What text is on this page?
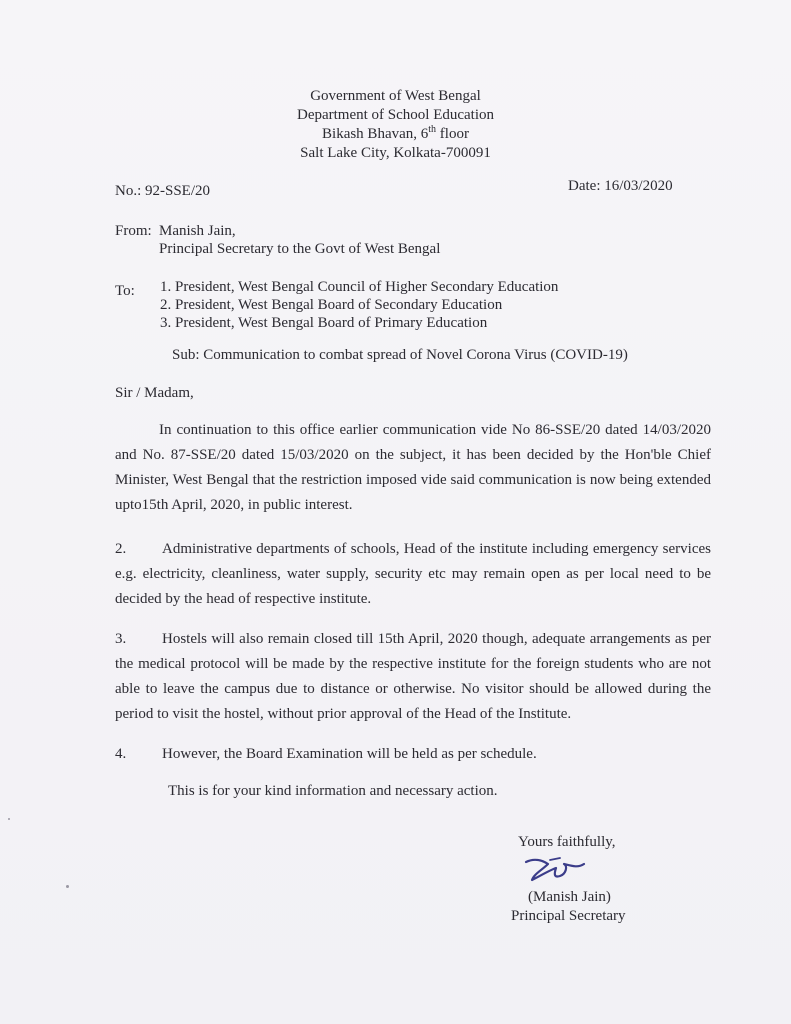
Government of West Bengal
Department of School Education
Bikash Bhavan, 6th floor
Salt Lake City, Kolkata-700091
No.: 92-SSE/20	Date: 16/03/2020
From: Manish Jain,
Principal Secretary to the Govt of West Bengal
To: 1. President, West Bengal Council of Higher Secondary Education
2. President, West Bengal Board of Secondary Education
3. President, West Bengal Board of Primary Education
Sub: Communication to combat spread of Novel Corona Virus (COVID-19)
Sir / Madam,
In continuation to this office earlier communication vide No 86-SSE/20 dated 14/03/2020 and No. 87-SSE/20 dated 15/03/2020 on the subject, it has been decided by the Hon'ble Chief Minister, West Bengal that the restriction imposed vide said communication is now being extended upto15th April, 2020, in public interest.
2. Administrative departments of schools, Head of the institute including emergency services e.g. electricity, cleanliness, water supply, security etc may remain open as per local need to be decided by the head of respective institute.
3. Hostels will also remain closed till 15th April, 2020 though, adequate arrangements as per the medical protocol will be made by the respective institute for the foreign students who are not able to leave the campus due to distance or otherwise. No visitor should be allowed during the period to visit the hostel, without prior approval of the Head of the Institute.
4. However, the Board Examination will be held as per schedule.
This is for your kind information and necessary action.
Yours faithfully,
(Manish Jain)
Principal Secretary
